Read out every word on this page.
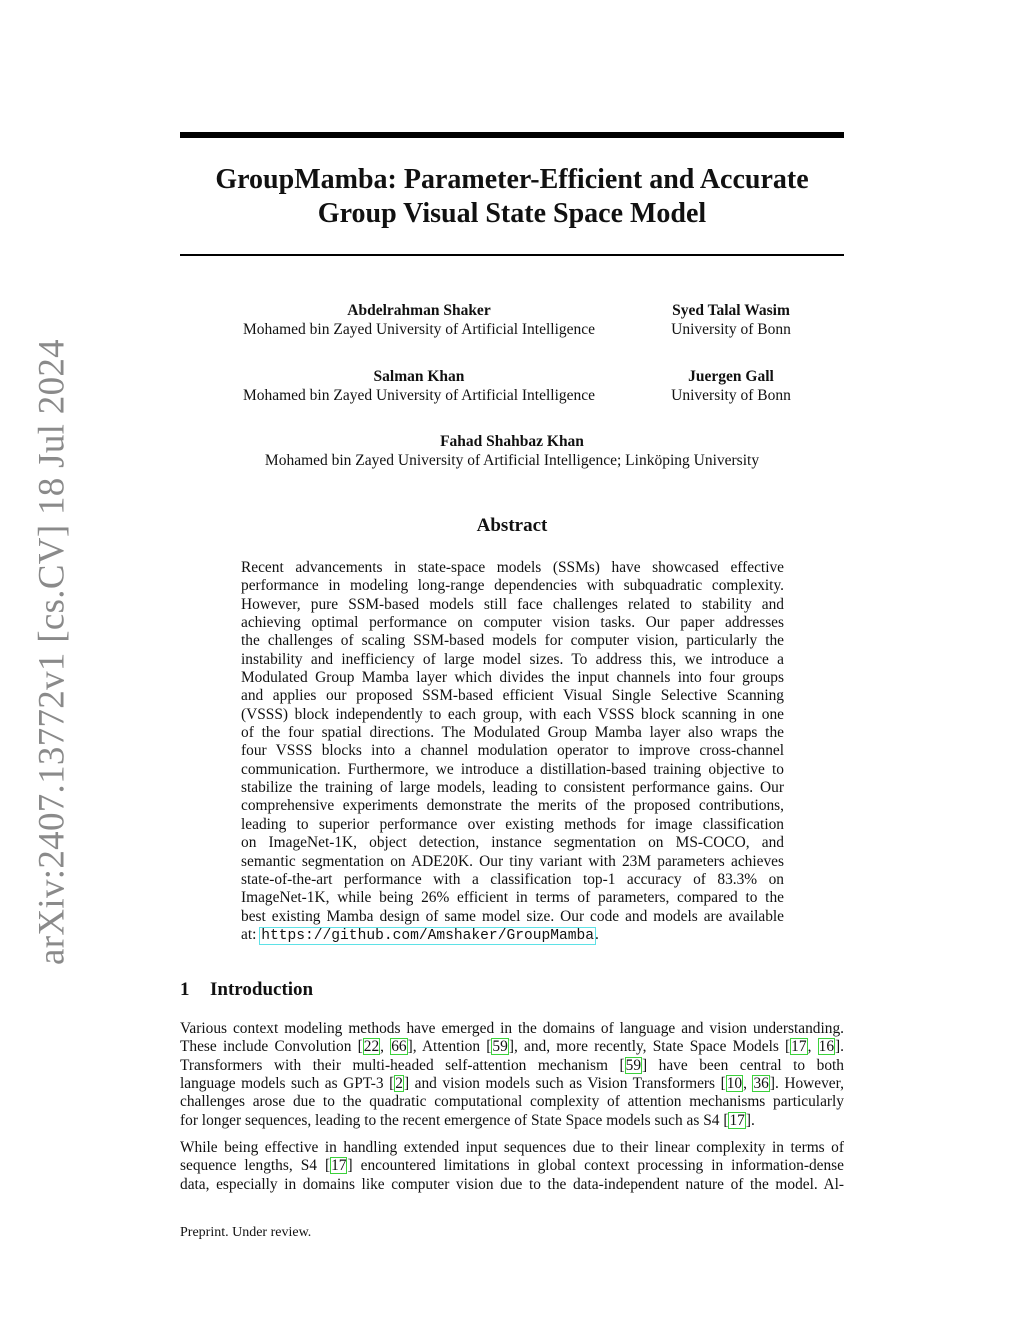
arXiv:2407.13772v1 [cs.CV] 18 Jul 2024
GroupMamba: Parameter-Efficient and Accurate
Group Visual State Space Model
Abdelrahman Shaker
Mohamed bin Zayed University of Artificial Intelligence
Syed Talal Wasim
University of Bonn
Salman Khan
Mohamed bin Zayed University of Artificial Intelligence
Juergen Gall
University of Bonn
Fahad Shahbaz Khan
Mohamed bin Zayed University of Artificial Intelligence; Linköping University
Abstract
Recent advancements in state-space models (SSMs) have showcased effective
performance in modeling long-range dependencies with subquadratic complexity.
However, pure SSM-based models still face challenges related to stability and
achieving optimal performance on computer vision tasks. Our paper addresses
the challenges of scaling SSM-based models for computer vision, particularly the
instability and inefficiency of large model sizes. To address this, we introduce a
Modulated Group Mamba layer which divides the input channels into four groups
and applies our proposed SSM-based efficient Visual Single Selective Scanning
(VSSS) block independently to each group, with each VSSS block scanning in one
of the four spatial directions. The Modulated Group Mamba layer also wraps the
four VSSS blocks into a channel modulation operator to improve cross-channel
communication. Furthermore, we introduce a distillation-based training objective to
stabilize the training of large models, leading to consistent performance gains. Our
comprehensive experiments demonstrate the merits of the proposed contributions,
leading to superior performance over existing methods for image classification
on ImageNet-1K, object detection, instance segmentation on MS-COCO, and
semantic segmentation on ADE20K. Our tiny variant with 23M parameters achieves
state-of-the-art performance with a classification top-1 accuracy of 83.3% on
ImageNet-1K, while being 26% efficient in terms of parameters, compared to the
best existing Mamba design of same model size. Our code and models are available
at: https://github.com/Amshaker/GroupMamba.
1 Introduction
Various context modeling methods have emerged in the domains of language and vision understanding.
These include Convolution [22, 66], Attention [59], and, more recently, State Space Models [17, 16].
Transformers with their multi-headed self-attention mechanism [59] have been central to both
language models such as GPT-3 [2] and vision models such as Vision Transformers [10, 36]. However,
challenges arose due to the quadratic computational complexity of attention mechanisms particularly
for longer sequences, leading to the recent emergence of State Space models such as S4 [17].
While being effective in handling extended input sequences due to their linear complexity in terms of
sequence lengths, S4 [17] encountered limitations in global context processing in information-dense
data, especially in domains like computer vision due to the data-independent nature of the model. Al-
Preprint. Under review.
